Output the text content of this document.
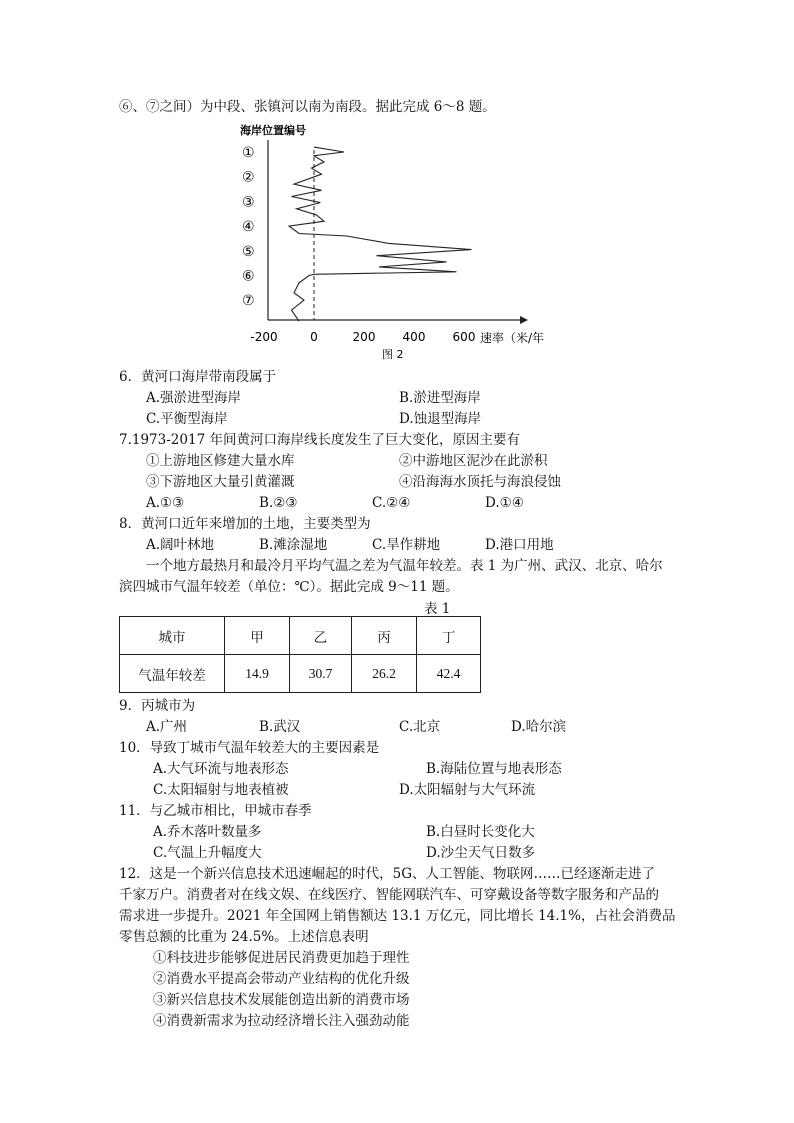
⑥、⑦之间）为中段、张镇河以南为南段。据此完成 6～8 题。
海岸位置编号
①
②
③
④
⑤
⑥
⑦
-200	0	200 400 600 速率（米/年
图 2
6．黄河口海岸带南段属于
A.强淤进型海岸	B.淤进型海岸
C.平衡型海岸	D.蚀退型海岸
7.1973-2017 年间黄河口海岸线长度发生了巨大变化，原因主要有
①上游地区修建大量水库	②中游地区泥沙在此淤积
③下游地区大量引黄灌溉	④沿海海水顶托与海浪侵蚀
A.①③	B.②③	C.②④	D.①④
8．黄河口近年来增加的土地，主要类型为
A.阔叶林地	B.滩涂湿地	C.旱作耕地	D.港口用地
一个地方最热月和最冷月平均气温之差为气温年较差。表 1 为广州、武汉、北京、哈尔
滨四城市气温年较差（单位：℃）。据此完成 9～11 题。
表 1
城市	甲	乙	丙	丁
气温年较差	14.9	30.7	26.2	42.4
9．丙城市为
A.广州	B.武汉	C.北京	D.哈尔滨
10．导致丁城市气温年较差大的主要因素是
A.大气环流与地表形态	B.海陆位置与地表形态
C.太阳辐射与地表植被	D.太阳辐射与大气环流
11．与乙城市相比，甲城市春季
A.乔木落叶数量多	B.白昼时长变化大
C.气温上升幅度大	D.沙尘天气日数多
12．这是一个新兴信息技术迅速崛起的时代，5G、人工智能、物联网……已经逐渐走进了
千家万户。消费者对在线文娱、在线医疗、智能网联汽车、可穿戴设备等数字服务和产品的
需求进一步提升。2021 年全国网上销售额达 13.1 万亿元，同比增长 14.1%，占社会消费品
零售总额的比重为 24.5%。上述信息表明
①科技进步能够促进居民消费更加趋于理性
②消费水平提高会带动产业结构的优化升级
③新兴信息技术发展能创造出新的消费市场
④消费新需求为拉动经济增长注入强劲动能
